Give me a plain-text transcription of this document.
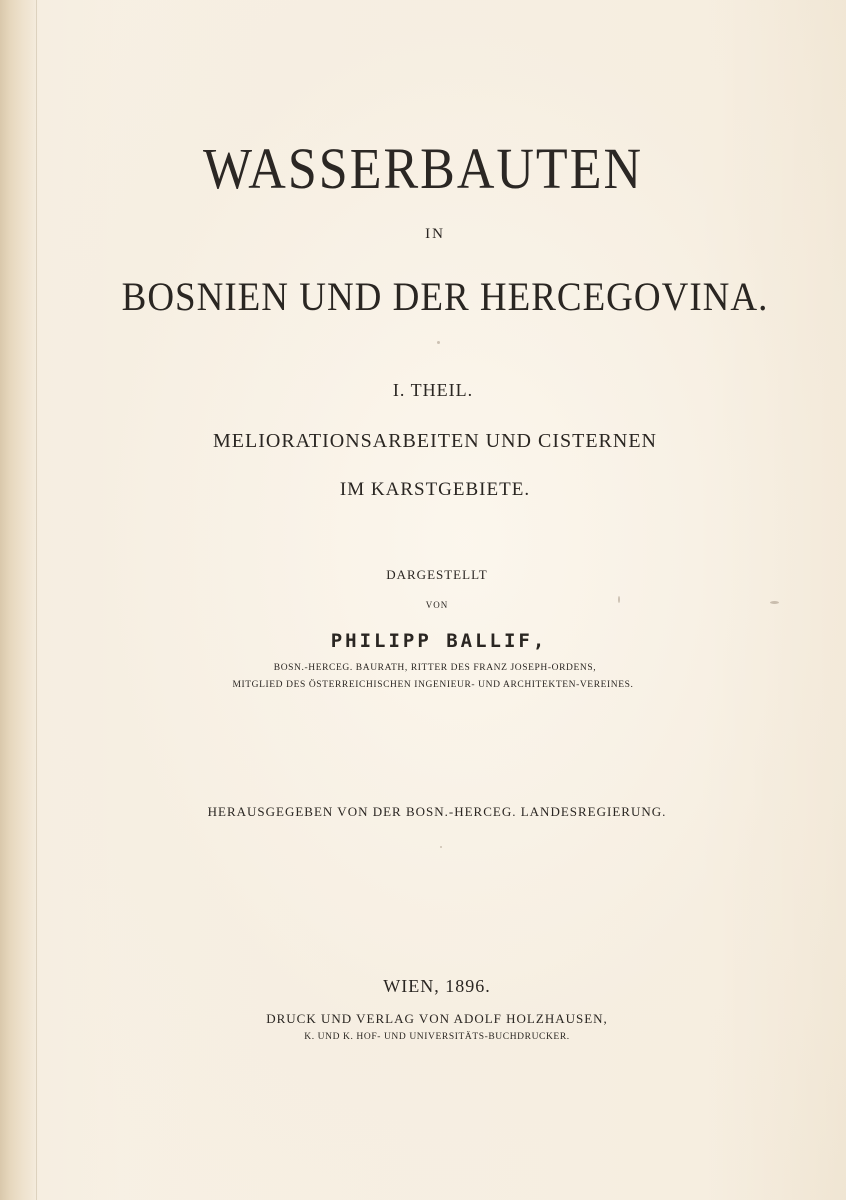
WASSERBAUTEN
IN
BOSNIEN UND DER HERCEGOVINA.
I. THEIL.
MELIORATIONSARBEITEN UND CISTERNEN
IM KARSTGEBIETE.
DARGESTELLT
VON
PHILIPP BALLIF,
BOSN.-HERCEG. BAURATH, RITTER DES FRANZ JOSEPH-ORDENS,
MITGLIED DES ÖSTERREICHISCHEN INGENIEUR- UND ARCHITEKTEN-VEREINES.
HERAUSGEGEBEN VON DER BOSN.-HERCEG. LANDESREGIERUNG.
WIEN, 1896.
DRUCK UND VERLAG VON ADOLF HOLZHAUSEN,
K. UND K. HOF- UND UNIVERSITÄTS-BUCHDRUCKER.
